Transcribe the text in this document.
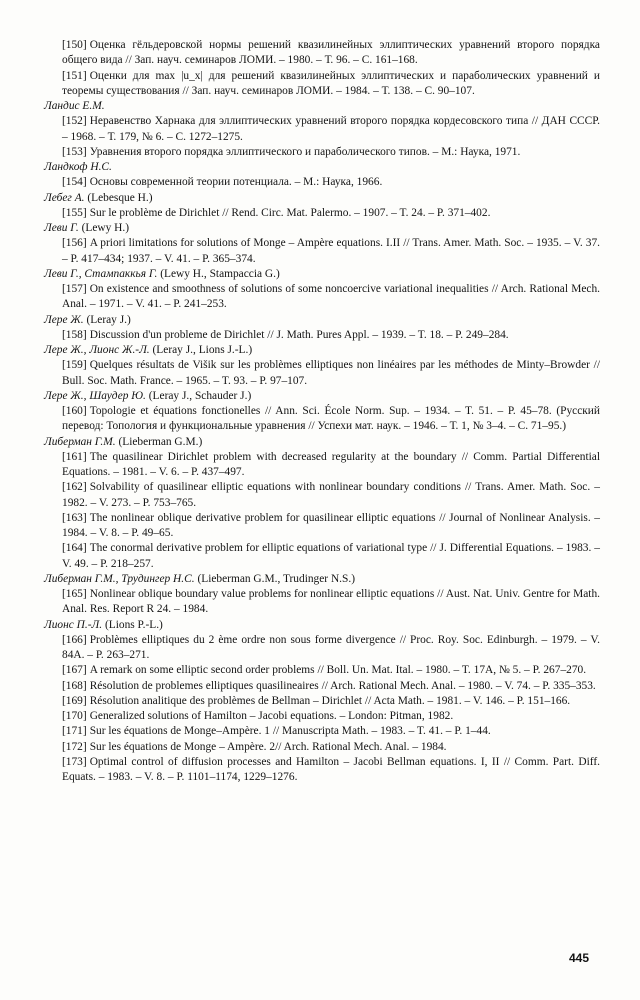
[150] Оценка гёльдеровской нормы решений квазилинейных эллиптических уравнений второго порядка общего вида // Зап. науч. семинаров ЛОМИ. – 1980. – Т. 96. – С. 161–168.
[151] Оценки для max |u_x| для решений квазилинейных эллиптических и параболических уравнений и теоремы существования // Зап. науч. семинаров ЛОМИ. – 1984. – Т. 138. – С. 90–107.
Ландис Е.М.
[152] Неравенство Харнака для эллиптических уравнений второго порядка кордесовского типа // ДАН СССР. – 1968. – Т. 179, № 6. – С. 1272–1275.
[153] Уравнения второго порядка эллиптического и параболического типов. – М.: Наука, 1971.
Ландкоф Н.С.
[154] Основы современной теории потенциала. – М.: Наука, 1966.
Лебег А. (Lebesque H.)
[155] Sur le problème de Dirichlet // Rend. Circ. Mat. Palermo. – 1907. – T. 24. – P. 371–402.
Леви Г. (Lewy H.)
[156] A priori limitations for solutions of Monge – Ampère equations. I.II // Trans. Amer. Math. Soc. – 1935. – V. 37. – P. 417–434; 1937. – V. 41. – P. 365–374.
Леви Г., Стампаккья Г. (Lewy H., Stampaccia G.)
[157] On existence and smoothness of solutions of some noncoercive variational inequalities // Arch. Rational Mech. Anal. – 1971. – V. 41. – P. 241–253.
Лере Ж. (Leray J.)
[158] Discussion d'un probleme de Dirichlet // J. Math. Pures Appl. – 1939. – T. 18. – P. 249–284.
Лере Ж., Лионс Ж.-Л. (Leray J., Lions J.-L.)
[159] Quelques résultats de Višik sur les problèmes elliptiques non linéaires par les méthodes de Minty–Browder // Bull. Soc. Math. France. – 1965. – T. 93. – P. 97–107.
Лере Ж., Шаудер Ю. (Leray J., Schauder J.)
[160] Topologie et équations fonctionelles // Ann. Sci. École Norm. Sup. – 1934. – T. 51. – P. 45–78. (Русский перевод: Топология и функциональные уравнения // Успехи мат. наук. – 1946. – Т. 1, № 3–4. – С. 71–95.)
Либерман Г.М. (Lieberman G.M.)
[161] The quasilinear Dirichlet problem with decreased regularity at the boundary // Comm. Partial Differential Equations. – 1981. – V. 6. – P. 437–497.
[162] Solvability of quasilinear elliptic equations with nonlinear boundary conditions // Trans. Amer. Math. Soc. – 1982. – V. 273. – P. 753–765.
[163] The nonlinear oblique derivative problem for quasilinear elliptic equations // Journal of Nonlinear Analysis. – 1984. – V. 8. – P. 49–65.
[164] The conormal derivative problem for elliptic equations of variational type // J. Differential Equations. – 1983. – V. 49. – P. 218–257.
Либерман Г.М., Трудингер Н.С. (Lieberman G.M., Trudinger N.S.)
[165] Nonlinear oblique boundary value problems for nonlinear elliptic equations // Aust. Nat. Univ. Gentre for Math. Anal. Res. Report R 24. – 1984.
Лионс П.-Л. (Lions P.-L.)
[166] Problèmes elliptiques du 2 ème ordre non sous forme divergence // Proc. Roy. Soc. Edinburgh. – 1979. – V. 84A. – P. 263–271.
[167] A remark on some elliptic second order problems // Boll. Un. Mat. Ital. – 1980. – T. 17A, № 5. – P. 267–270.
[168] Résolution de problemes elliptiques quasilineaires // Arch. Rational Mech. Anal. – 1980. – V. 74. – P. 335–353.
[169] Résolution analitique des problèmes de Bellman – Dirichlet // Acta Math. – 1981. – V. 146. – P. 151–166.
[170] Generalized solutions of Hamilton – Jacobi equations. – London: Pitman, 1982.
[171] Sur les équations de Monge–Ampère. 1 // Manuscripta Math. – 1983. – T. 41. – P. 1–44.
[172] Sur les équations de Monge – Ampère. 2// Arch. Rational Mech. Anal. – 1984.
[173] Optimal control of diffusion processes and Hamilton – Jacobi Bellman equations. I, II // Comm. Part. Diff. Equats. – 1983. – V. 8. – P. 1101–1174, 1229–1276.
445
